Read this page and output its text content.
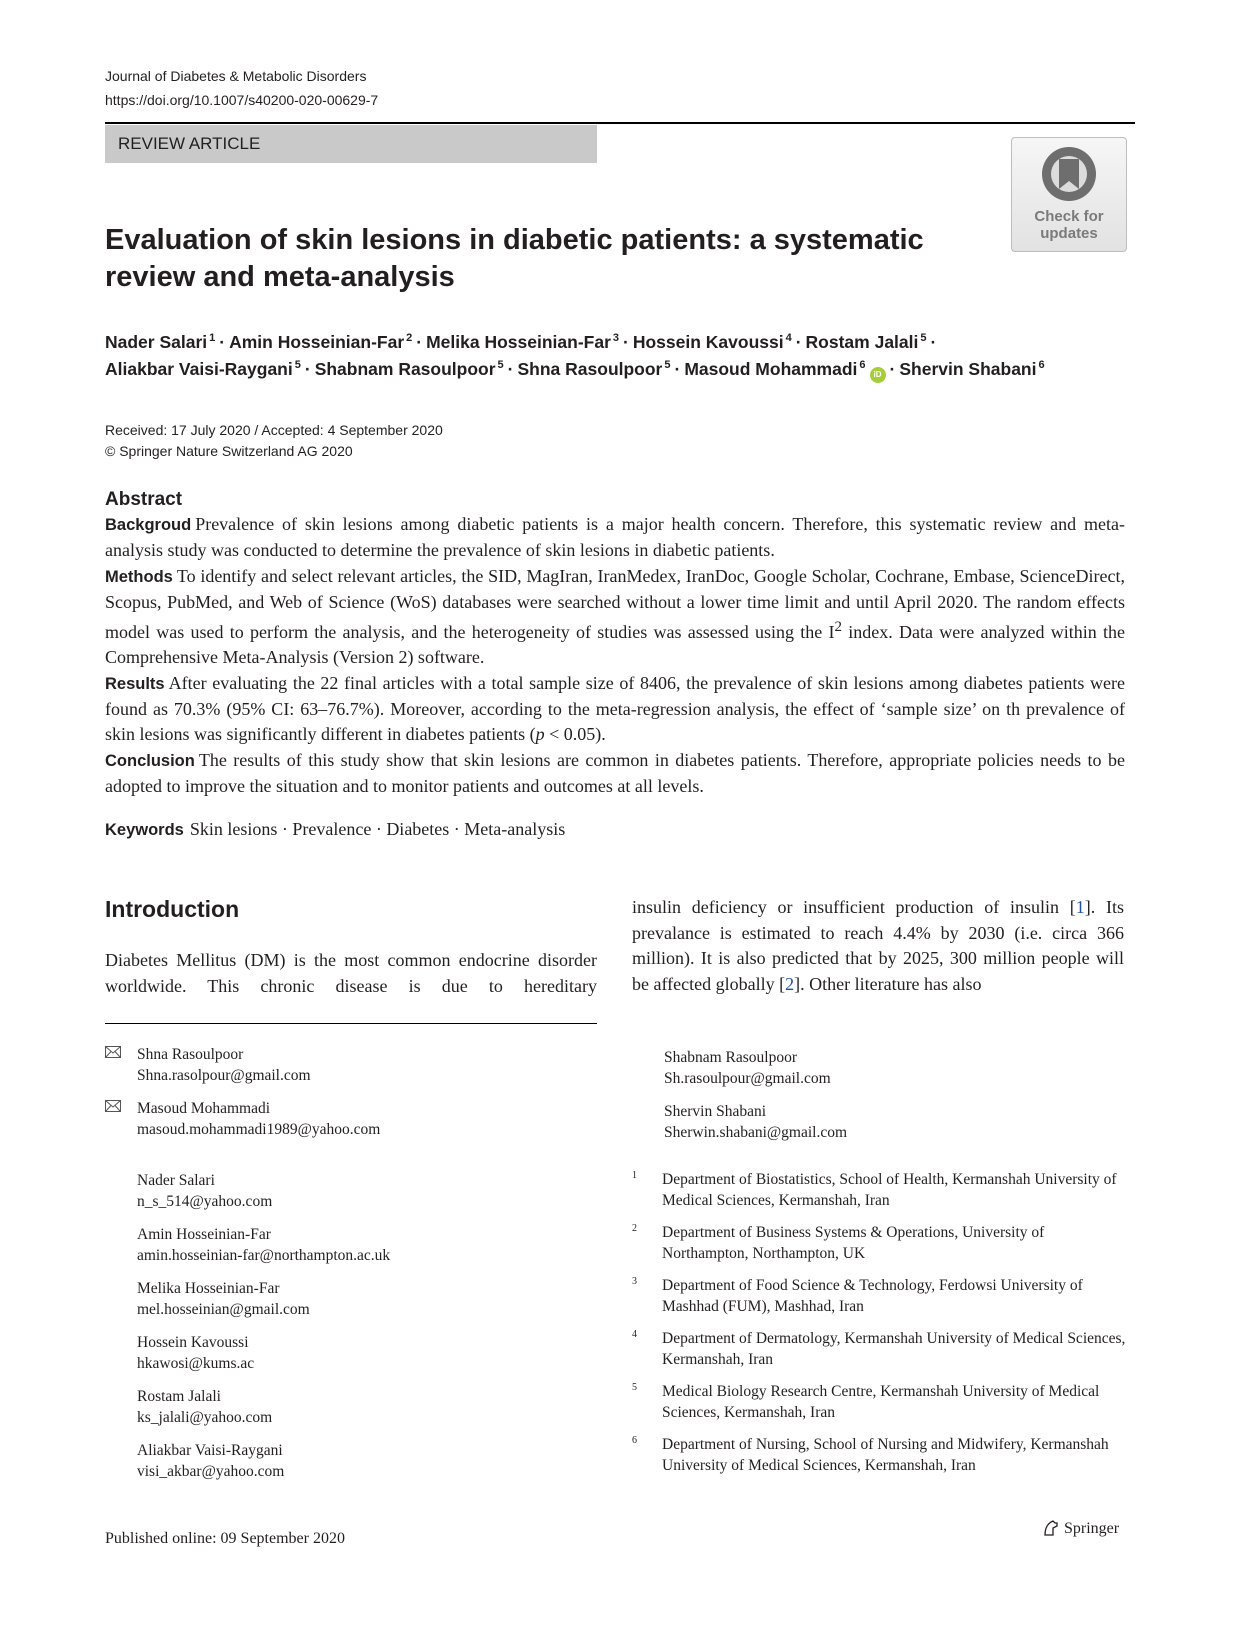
Journal of Diabetes & Metabolic Disorders
https://doi.org/10.1007/s40200-020-00629-7
REVIEW ARTICLE
Check for updates
Evaluation of skin lesions in diabetic patients: a systematic review and meta-analysis
Nader Salari $^1$ · Amin Hosseinian-Far $^2$ · Melika Hosseinian-Far $^3$ · Hossein Kavoussi $^4$ · Rostam Jalali $^5$ ·
Aliakbar Vaisi-Raygani $^5$ · Shabnam Rasoulpoor $^5$ · Shna Rasoulpoor $^5$ · Masoud Mohammadi $^6$iD · Shervin Shabani $^6$
Received: 17 July 2020 / Accepted: 4 September 2020
© Springer Nature Switzerland AG 2020
Abstract

Backgroud Prevalence of skin lesions among diabetic patients is a major health concern. Therefore, this systematic review and meta-analysis study was conducted to determine the prevalence of skin lesions in diabetic patients.

Methods To identify and select relevant articles, the SID, MagIran, IranMedex, IranDoc, Google Scholar, Cochrane, Embase, ScienceDirect, Scopus, PubMed, and Web of Science (WoS) databases were searched without a lower time limit and until April 2020. The random effects model was used to perform the analysis, and the heterogeneity of studies was assessed using the $I^2$ index. Data were analyzed within the Comprehensive Meta-Analysis (Version 2) software.

Results After evaluating the 22 final articles with a total sample size of 8406, the prevalence of skin lesions among diabetes patients were found as 70.3% (95% CI: 63–76.7%). Moreover, according to the meta-regression analysis, the effect of ‘sample size’ on th prevalence of skin lesions was significantly different in diabetes patients (p < 0.05).

Conclusion The results of this study show that skin lesions are common in diabetes patients. Therefore, appropriate policies needs to be adopted to improve the situation and to monitor patients and outcomes at all levels.

Keywords Skin lesions · Prevalence · Diabetes · Meta-analysis
Introduction
Diabetes Mellitus (DM) is the most common endocrine disorder worldwide. This chronic disease is due to hereditary
insulin deficiency or insufficient production of insulin [1]. Its prevalance is estimated to reach 4.4% by 2030 (i.e. circa 366 million). It is also predicted that by 2025, 300 million people will be affected globally [2]. Other literature has also
Shna Rasoulpoor
Shna.rasolpour@gmail.com
Masoud Mohammadi
masoud.mohammadi1989@yahoo.com
Nader Salari
n_s_514@yahoo.com
Amin Hosseinian-Far
amin.hosseinian-far@northampton.ac.uk
Melika Hosseinian-Far
mel.hosseinian@gmail.com
Hossein Kavoussi
hkawosi@kums.ac
Rostam Jalali
ks_jalali@yahoo.com
Aliakbar Vaisi-Raygani
visi_akbar@yahoo.com
Shabnam Rasoulpoor
Sh.rasoulpour@gmail.com
Shervin Shabani
Sherwin.shabani@gmail.com
1 Department of Biostatistics, School of Health, Kermanshah University of Medical Sciences, Kermanshah, Iran
2 Department of Business Systems & Operations, University of Northampton, Northampton, UK
3 Department of Food Science & Technology, Ferdowsi University of Mashhad (FUM), Mashhad, Iran
4 Department of Dermatology, Kermanshah University of Medical Sciences, Kermanshah, Iran
5 Medical Biology Research Centre, Kermanshah University of Medical Sciences, Kermanshah, Iran
6 Department of Nursing, School of Nursing and Midwifery, Kermanshah University of Medical Sciences, Kermanshah, Iran
Published online: 09 September 2020
Springer
